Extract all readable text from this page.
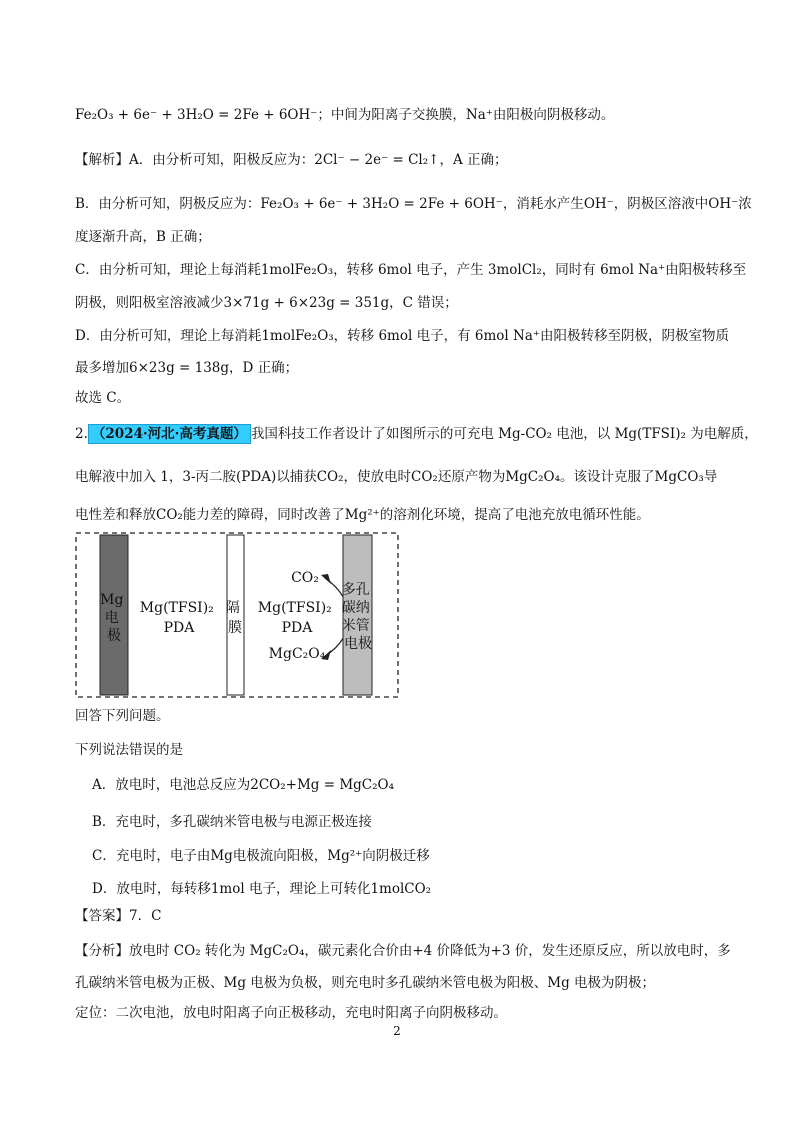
Fe₂O₃ + 6e⁻ + 3H₂O = 2Fe + 6OH⁻；中间为阳离子交换膜，Na⁺由阳极向阴极移动。
【解析】A．由分析可知，阳极反应为：2Cl⁻ − 2e⁻ = Cl₂↑，A 正确；
B．由分析可知，阴极反应为：Fe₂O₃ + 6e⁻ + 3H₂O = 2Fe + 6OH⁻，消耗水产生OH⁻，阴极区溶液中OH⁻浓
度逐渐升高，B 正确；
C．由分析可知，理论上每消耗1molFe₂O₃，转移 6mol 电子，产生 3molCl₂，同时有 6mol Na⁺由阳极转移至
阴极，则阳极室溶液减少3×71g + 6×23g = 351g，C 错误；
D．由分析可知，理论上每消耗1molFe₂O₃，转移 6mol 电子，有 6mol Na⁺由阳极转移至阴极，阴极室物质
最多增加6×23g = 138g，D 正确；
故选 C。
2. （2024·河北·高考真题） 我国科技工作者设计了如图所示的可充电 Mg-CO₂ 电池，以 Mg(TFSI)₂ 为电解质，
电解液中加入 1，3-丙二胺(PDA)以捕获CO₂，使放电时CO₂还原产物为MgC₂O₄。该设计克服了MgCO₃导
电性差和释放CO₂能力差的障碍，同时改善了Mg²⁺的溶剂化环境，提高了电池充放电循环性能。
Mg 电 极
Mg(TFSI)₂ PDA
隔 膜
Mg(TFSI)₂ PDA
CO₂
MgC₂O₄
多孔 碳纳 米管 电极
回答下列问题。
下列说法错误的是
A．放电时，电池总反应为2CO₂+Mg = MgC₂O₄
B．充电时，多孔碳纳米管电极与电源正极连接
C．充电时，电子由Mg电极流向阳极，Mg²⁺向阴极迁移
D．放电时，每转移1mol 电子，理论上可转化1molCO₂
【答案】7．C
【分析】放电时 CO₂ 转化为 MgC₂O₄，碳元素化合价由+4 价降低为+3 价，发生还原反应，所以放电时，多
孔碳纳米管电极为正极、Mg 电极为负极，则充电时多孔碳纳米管电极为阳极、Mg 电极为阴极；
定位：二次电池，放电时阳离子向正极移动，充电时阳离子向阴极移动。
2
